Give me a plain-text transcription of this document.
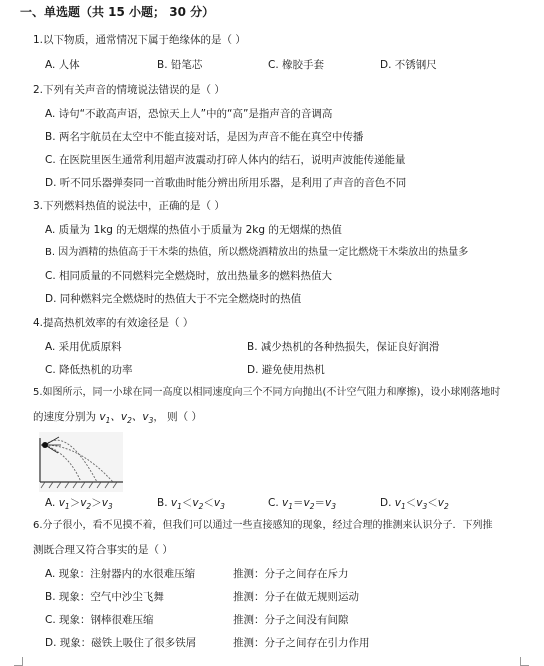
一、单选题（共 15 小题； 30 分）
1.以下物质，通常情况下属于绝缘体的是（ ）
A. 人体	B. 铅笔芯	C. 橡胶手套	D. 不锈钢尺
2.下列有关声音的情境说法错误的是（ ）
A. 诗句“不敢高声语，恐惊天上人”中的“高”是指声音的音调高
B. 两名宇航员在太空中不能直接对话，是因为声音不能在真空中传播
C. 在医院里医生通常利用超声波震动打碎人体内的结石，说明声波能传递能量
D. 听不同乐器弹奏同一首歌曲时能分辨出所用乐器，是利用了声音的音色不同
3.下列燃料热值的说法中，正确的是（ ）
A. 质量为 1kg 的无烟煤的热值小于质量为 2kg 的无烟煤的热值
B. 因为酒精的热值高于干木柴的热值，所以燃烧酒精放出的热量一定比燃烧干木柴放出的热量多
C. 相同质量的不同燃料完全燃烧时，放出热量多的燃料热值大
D. 同种燃料完全燃烧时的热值大于不完全燃烧时的热值
4.提高热机效率的有效途径是（ ）
A. 采用优质原料	B. 减少热机的各种热损失，保证良好润滑
C. 降低热机的功率	D. 避免使用热机
5.如图所示，同一小球在同一高度以相同速度向三个不同方向抛出(不计空气阻力和摩擦)，设小球刚落地时
的速度分别为 $v_1$、$v_2$、$v_3$， 则（ ）
A. $v_1>v_2>v_3$	B. $v_1<v_2<v_3$	C. $v_1=v_2=v_3$	D. $v_1<v_3<v_2$
6.分子很小，看不见摸不着，但我们可以通过一些直接感知的现象，经过合理的推测来认识分子．下列推
测既合理又符合事实的是（ ）
A. 现象：注射器内的水很难压缩	推测：分子之间存在斥力
B. 现象：空气中沙尘飞舞	推测：分子在做无规则运动
C. 现象：钢棒很难压缩	推测：分子之间没有间隙
D. 现象：磁铁上吸住了很多铁屑	推测：分子之间存在引力作用
